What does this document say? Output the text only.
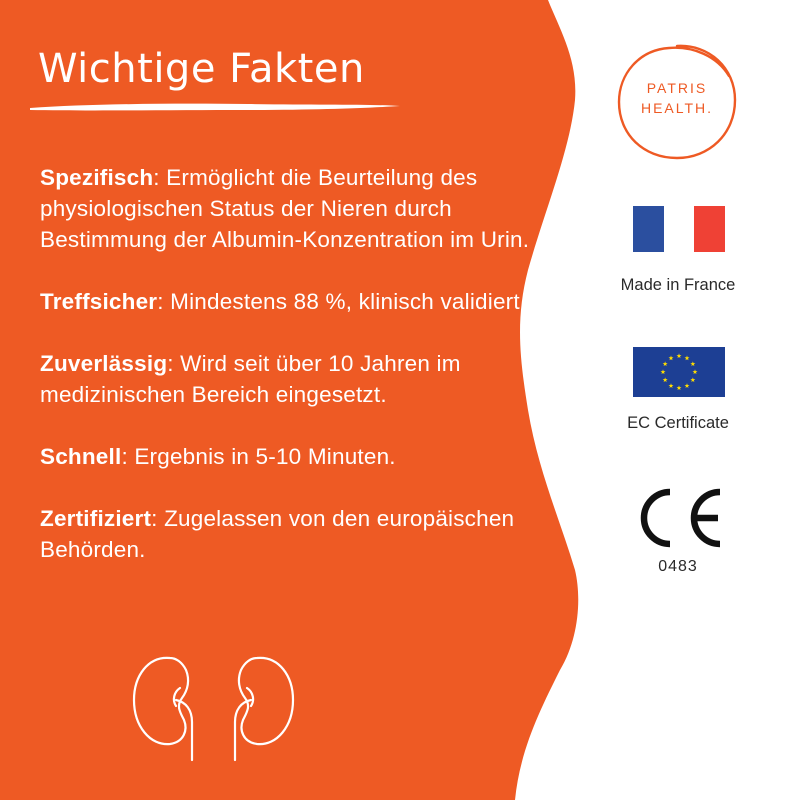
Wichtige Fakten

Spezifisch: Ermöglicht die Beurteilung des physiologischen Status der Nieren durch Bestimmung der Albumin-Konzentration im Urin.

Treffsicher: Mindestens 88 %, klinisch validiert.

Zuverlässig: Wird seit über 10 Jahren im medizinischen Bereich eingesetzt.

Schnell: Ergebnis in 5-10 Minuten.

Zertifiziert: Zugelassen von den europäischen Behörden.

PATRIS
HEALTH.
Made in France
EC Certificate
0483
